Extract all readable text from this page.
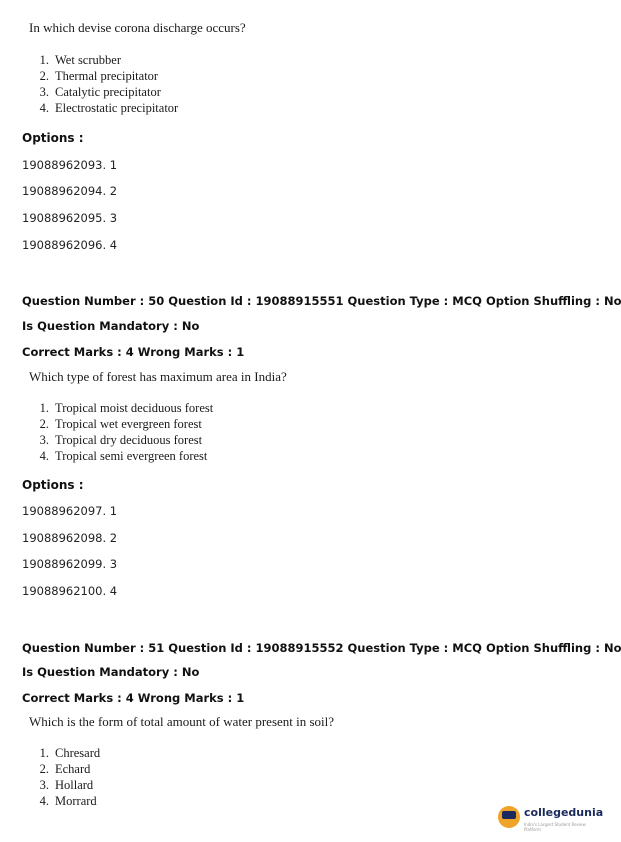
In which devise corona discharge occurs?
1. Wet scrubber
2. Thermal precipitator
3. Catalytic precipitator
4. Electrostatic precipitator
Options :
19088962093. 1
19088962094. 2
19088962095. 3
19088962096. 4
Question Number : 50 Question Id : 19088915551 Question Type : MCQ Option Shuffling : No
Is Question Mandatory : No
Correct Marks : 4 Wrong Marks : 1
Which type of forest has maximum area in India?
1. Tropical moist deciduous forest
2. Tropical wet evergreen forest
3. Tropical dry deciduous forest
4. Tropical semi evergreen forest
Options :
19088962097. 1
19088962098. 2
19088962099. 3
19088962100. 4
Question Number : 51 Question Id : 19088915552 Question Type : MCQ Option Shuffling : No
Is Question Mandatory : No
Correct Marks : 4 Wrong Marks : 1
Which is the form of total amount of water present in soil?
1. Chresard
2. Echard
3. Hollard
4. Morrard
collegedunia
India's Largest Student Review Platform
